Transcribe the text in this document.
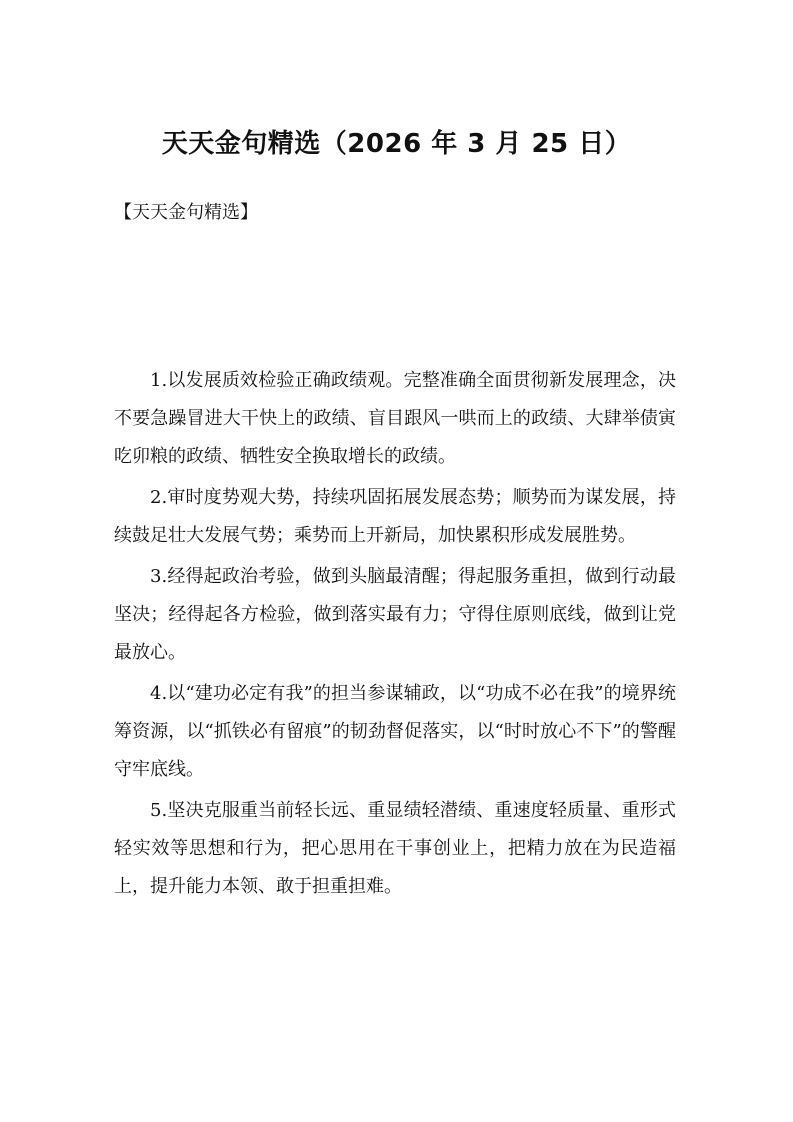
天天金句精选（2026 年 3 月 25 日）

【天天金句精选】

1.以发展质效检验正确政绩观。完整准确全面贯彻新发展理念，决不要急躁冒进大干快上的政绩、盲目跟风一哄而上的政绩、大肆举债寅吃卯粮的政绩、牺牲安全换取增长的政绩。

2.审时度势观大势，持续巩固拓展发展态势；顺势而为谋发展，持续鼓足壮大发展气势；乘势而上开新局，加快累积形成发展胜势。

3.经得起政治考验，做到头脑最清醒；得起服务重担，做到行动最坚决；经得起各方检验，做到落实最有力；守得住原则底线，做到让党最放心。

4.以“建功必定有我”的担当参谋辅政，以“功成不必在我”的境界统筹资源，以“抓铁必有留痕”的韧劲督促落实，以“时时放心不下”的警醒守牢底线。

5.坚决克服重当前轻长远、重显绩轻潜绩、重速度轻质量、重形式轻实效等思想和行为，把心思用在干事创业上，把精力放在为民造福上，提升能力本领、敢于担重担难。
